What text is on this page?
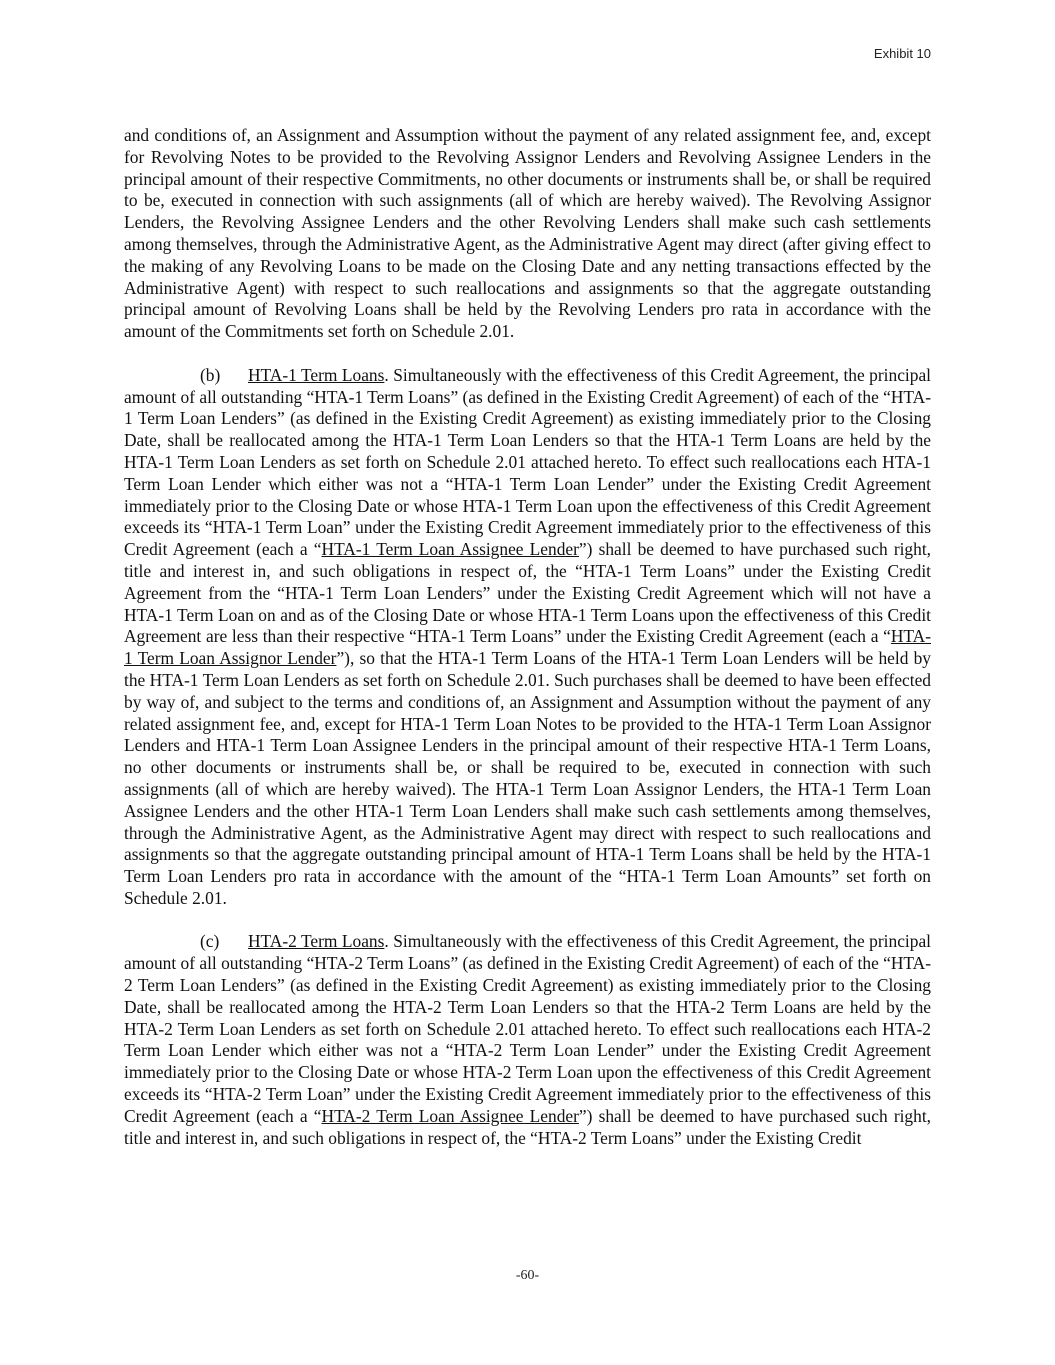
Exhibit 10

and conditions of, an Assignment and Assumption without the payment of any related assignment fee, and, except for Revolving Notes to be provided to the Revolving Assignor Lenders and Revolving Assignee Lenders in the principal amount of their respective Commitments, no other documents or instruments shall be, or shall be required to be, executed in connection with such assignments (all of which are hereby waived). The Revolving Assignor Lenders, the Revolving Assignee Lenders and the other Revolving Lenders shall make such cash settlements among themselves, through the Administrative Agent, as the Administrative Agent may direct (after giving effect to the making of any Revolving Loans to be made on the Closing Date and any netting transactions effected by the Administrative Agent) with respect to such reallocations and assignments so that the aggregate outstanding principal amount of Revolving Loans shall be held by the Revolving Lenders pro rata in accordance with the amount of the Commitments set forth on Schedule 2.01.

(b) HTA-1 Term Loans. Simultaneously with the effectiveness of this Credit Agreement, the principal amount of all outstanding “HTA-1 Term Loans” (as defined in the Existing Credit Agreement) of each of the “HTA-1 Term Loan Lenders” (as defined in the Existing Credit Agreement) as existing immediately prior to the Closing Date, shall be reallocated among the HTA-1 Term Loan Lenders so that the HTA-1 Term Loans are held by the HTA-1 Term Loan Lenders as set forth on Schedule 2.01 attached hereto. To effect such reallocations each HTA-1 Term Loan Lender which either was not a “HTA-1 Term Loan Lender” under the Existing Credit Agreement immediately prior to the Closing Date or whose HTA-1 Term Loan upon the effectiveness of this Credit Agreement exceeds its “HTA-1 Term Loan” under the Existing Credit Agreement immediately prior to the effectiveness of this Credit Agreement (each a “HTA-1 Term Loan Assignee Lender”) shall be deemed to have purchased such right, title and interest in, and such obligations in respect of, the “HTA-1 Term Loans” under the Existing Credit Agreement from the “HTA-1 Term Loan Lenders” under the Existing Credit Agreement which will not have a HTA-1 Term Loan on and as of the Closing Date or whose HTA-1 Term Loans upon the effectiveness of this Credit Agreement are less than their respective “HTA-1 Term Loans” under the Existing Credit Agreement (each a “HTA-1 Term Loan Assignor Lender”), so that the HTA-1 Term Loans of the HTA-1 Term Loan Lenders will be held by the HTA-1 Term Loan Lenders as set forth on Schedule 2.01. Such purchases shall be deemed to have been effected by way of, and subject to the terms and conditions of, an Assignment and Assumption without the payment of any related assignment fee, and, except for HTA-1 Term Loan Notes to be provided to the HTA-1 Term Loan Assignor Lenders and HTA-1 Term Loan Assignee Lenders in the principal amount of their respective HTA-1 Term Loans, no other documents or instruments shall be, or shall be required to be, executed in connection with such assignments (all of which are hereby waived). The HTA-1 Term Loan Assignor Lenders, the HTA-1 Term Loan Assignee Lenders and the other HTA-1 Term Loan Lenders shall make such cash settlements among themselves, through the Administrative Agent, as the Administrative Agent may direct with respect to such reallocations and assignments so that the aggregate outstanding principal amount of HTA-1 Term Loans shall be held by the HTA-1 Term Loan Lenders pro rata in accordance with the amount of the “HTA-1 Term Loan Amounts” set forth on Schedule 2.01.

(c) HTA-2 Term Loans. Simultaneously with the effectiveness of this Credit Agreement, the principal amount of all outstanding “HTA-2 Term Loans” (as defined in the Existing Credit Agreement) of each of the “HTA-2 Term Loan Lenders” (as defined in the Existing Credit Agreement) as existing immediately prior to the Closing Date, shall be reallocated among the HTA-2 Term Loan Lenders so that the HTA-2 Term Loans are held by the HTA-2 Term Loan Lenders as set forth on Schedule 2.01 attached hereto. To effect such reallocations each HTA-2 Term Loan Lender which either was not a “HTA-2 Term Loan Lender” under the Existing Credit Agreement immediately prior to the Closing Date or whose HTA-2 Term Loan upon the effectiveness of this Credit Agreement exceeds its “HTA-2 Term Loan” under the Existing Credit Agreement immediately prior to the effectiveness of this Credit Agreement (each a “HTA-2 Term Loan Assignee Lender”) shall be deemed to have purchased such right, title and interest in, and such obligations in respect of, the “HTA-2 Term Loans” under the Existing Credit

-60-
